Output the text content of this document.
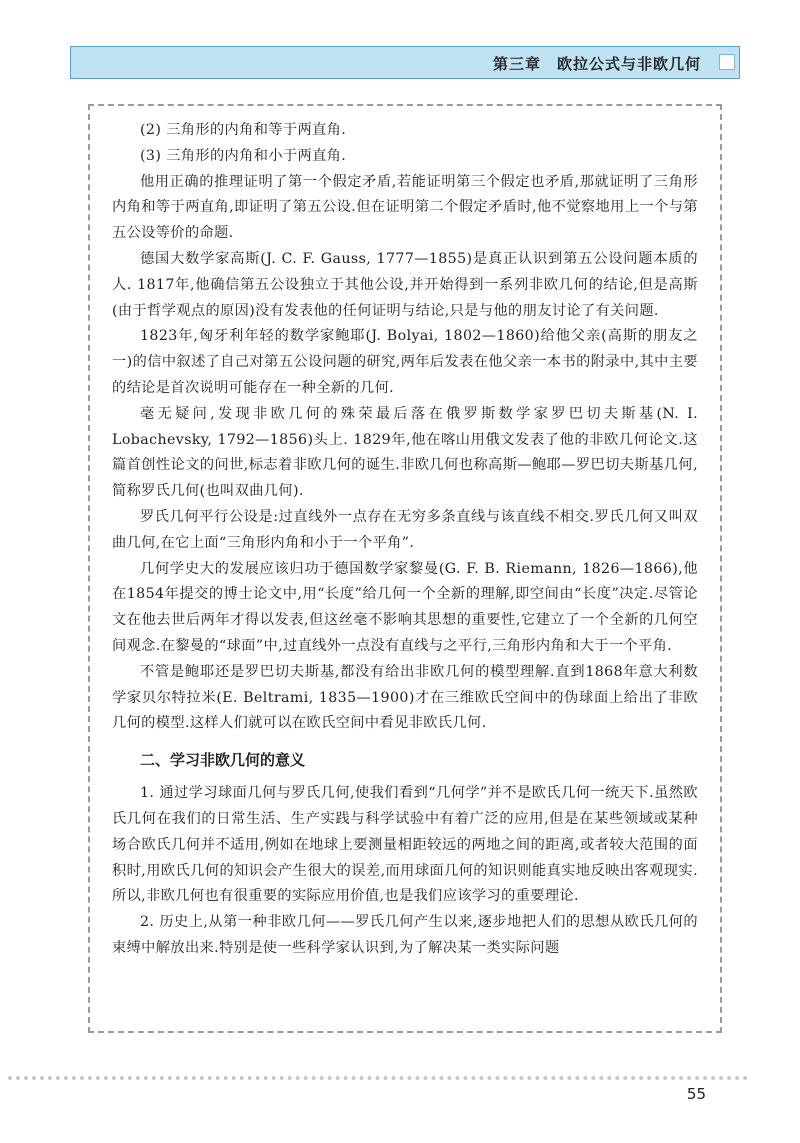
第三章　欧拉公式与非欧几何

(2) 三角形的内角和等于两直角.

(3) 三角形的内角和小于两直角.

他用正确的推理证明了第一个假定矛盾,若能证明第三个假定也矛盾,那就证明了三角形内角和等于两直角,即证明了第五公设.但在证明第二个假定矛盾时,他不觉察地用上一个与第五公设等价的命题.

德国大数学家高斯(J. C. F. Gauss, 1777—1855)是真正认识到第五公设问题本质的人. 1817年,他确信第五公设独立于其他公设,并开始得到一系列非欧几何的结论,但是高斯(由于哲学观点的原因)没有发表他的任何证明与结论,只是与他的朋友讨论了有关问题.

1823年,匈牙利年轻的数学家鲍耶(J. Bolyai, 1802—1860)给他父亲(高斯的朋友之一)的信中叙述了自己对第五公设问题的研究,两年后发表在他父亲一本书的附录中,其中主要的结论是首次说明可能存在一种全新的几何.

毫无疑问,发现非欧几何的殊荣最后落在俄罗斯数学家罗巴切夫斯基(N. I. Lobachevsky, 1792—1856)头上. 1829年,他在喀山用俄文发表了他的非欧几何论文.这篇首创性论文的问世,标志着非欧几何的诞生.非欧几何也称高斯—鲍耶—罗巴切夫斯基几何,简称罗氏几何(也叫双曲几何).

罗氏几何平行公设是:过直线外一点存在无穷多条直线与该直线不相交.罗氏几何又叫双曲几何,在它上面“三角形内角和小于一个平角”.

几何学史大的发展应该归功于德国数学家黎曼(G. F. B. Riemann, 1826—1866),他在1854年提交的博士论文中,用“长度”给几何一个全新的理解,即空间由“长度”决定.尽管论文在他去世后两年才得以发表,但这丝毫不影响其思想的重要性,它建立了一个全新的几何空间观念.在黎曼的“球面”中,过直线外一点没有直线与之平行,三角形内角和大于一个平角.

不管是鲍耶还是罗巴切夫斯基,都没有给出非欧几何的模型理解.直到1868年意大利数学家贝尔特拉米(E. Beltrami, 1835—1900)才在三维欧氏空间中的伪球面上给出了非欧几何的模型.这样人们就可以在欧氏空间中看见非欧氏几何.

二、学习非欧几何的意义

1. 通过学习球面几何与罗氏几何,使我们看到“几何学”并不是欧氏几何一统天下.虽然欧氏几何在我们的日常生活、生产实践与科学试验中有着广泛的应用,但是在某些领域或某种场合欧氏几何并不适用,例如在地球上要测量相距较远的两地之间的距离,或者较大范围的面积时,用欧氏几何的知识会产生很大的误差,而用球面几何的知识则能真实地反映出客观现实.所以,非欧几何也有很重要的实际应用价值,也是我们应该学习的重要理论.

2. 历史上,从第一种非欧几何——罗氏几何产生以来,逐步地把人们的思想从欧氏几何的束缚中解放出来.特别是使一些科学家认识到,为了解决某一类实际问题

55
